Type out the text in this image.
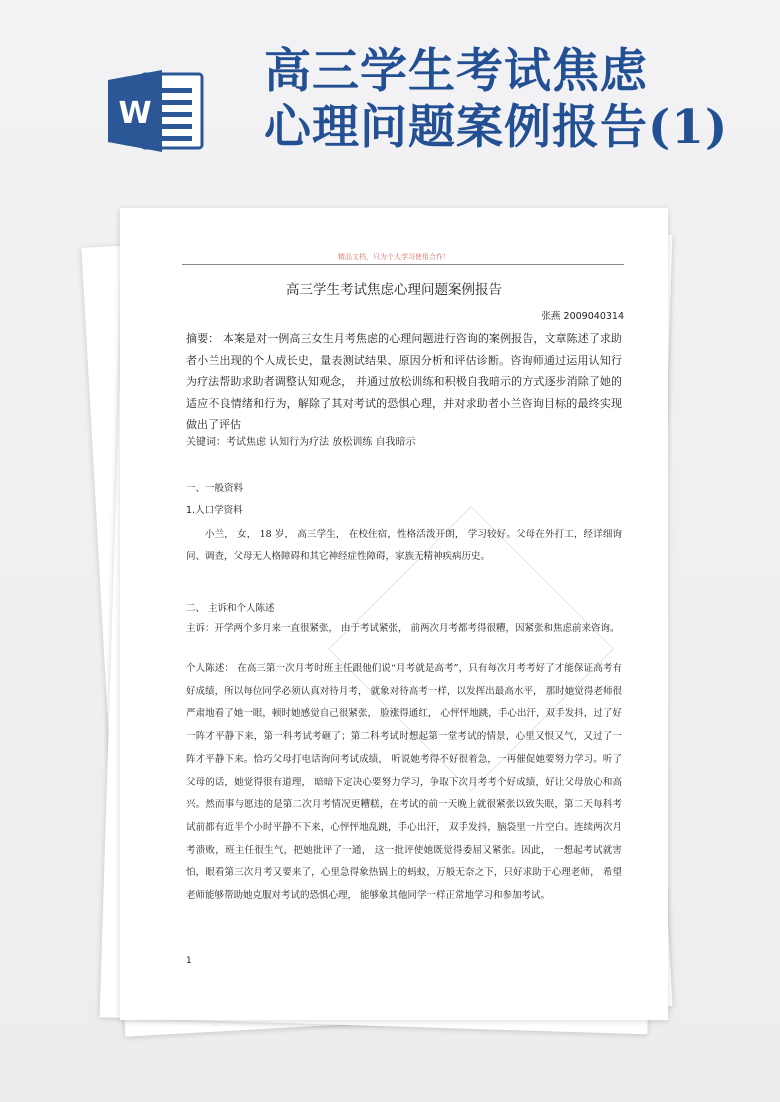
W
高三学生考试焦虑
心理问题案例报告(1)
精品文档，只为个人学习使用合作！
高三学生考试焦虑心理问题案例报告
张燕 2009040314
摘要： 本案是对一例高三女生月考焦虑的心理问题进行咨询的案例报告，文章陈述了求助者小兰出现的个人成长史，量表测试结果、原因分析和评估诊断。咨询师通过运用认知行为疗法帮助求助者调整认知观念， 并通过放松训练和积极自我暗示的方式逐步消除了她的适应不良情绪和行为，解除了其对考试的恐惧心理，并对求助者小兰咨询目标的最终实现做出了评估
关键词：考试焦虑 认知行为疗法 放松训练 自我暗示
一、一般资料
1.人口学资料
小兰， 女， 18 岁， 高三学生， 在校住宿，性格活泼开朗， 学习较好。父母在外打工，经详细询问、调查，父母无人格障碍和其它神经症性障碍，家族无精神疾病历史。
二、 主诉和个人陈述
主诉：开学两个多月来一直很紧张， 由于考试紧张， 前两次月考都考得很糟，因紧张和焦虑前来咨询。
个人陈述： 在高三第一次月考时班主任跟他们说“月考就是高考”，只有每次月考考好了才能保证高考有好成绩，所以每位同学必须认真对待月考， 就象对待高考一样，以发挥出最高水平， 那时她觉得老师很严肃地看了她一眼，顿时她感觉自己很紧张， 脸涨得通红， 心怦怦地跳，手心出汗，双手发抖，过了好一阵才平静下来，第一科考试考砸了；第二科考试时想起第一堂考试的情景，心里又恨又气，又过了一阵才平静下来。恰巧父母打电话询问考试成绩， 听说她考得不好很着急，一再催促她要努力学习。听了父母的话，她觉得很有道理， 暗暗下定决心要努力学习，争取下次月考考个好成绩，好让父母放心和高兴。然而事与愿违的是第二次月考情况更糟糕，在考试的前一天晚上就很紧张以致失眠，第二天每科考试前都有近半个小时平静不下来，心怦怦地乱跳，手心出汗， 双手发抖，脑袋里一片空白。连续两次月考溃败，班主任很生气，把她批评了一通， 这一批评使她既觉得委屈又紧张。因此， 一想起考试就害怕，眼看第三次月考又要来了，心里急得象热锅上的蚂蚁，万般无奈之下，只好求助于心理老师， 希望老师能够帮助她克服对考试的恐惧心理， 能够象其他同学一样正常地学习和参加考试。
1
